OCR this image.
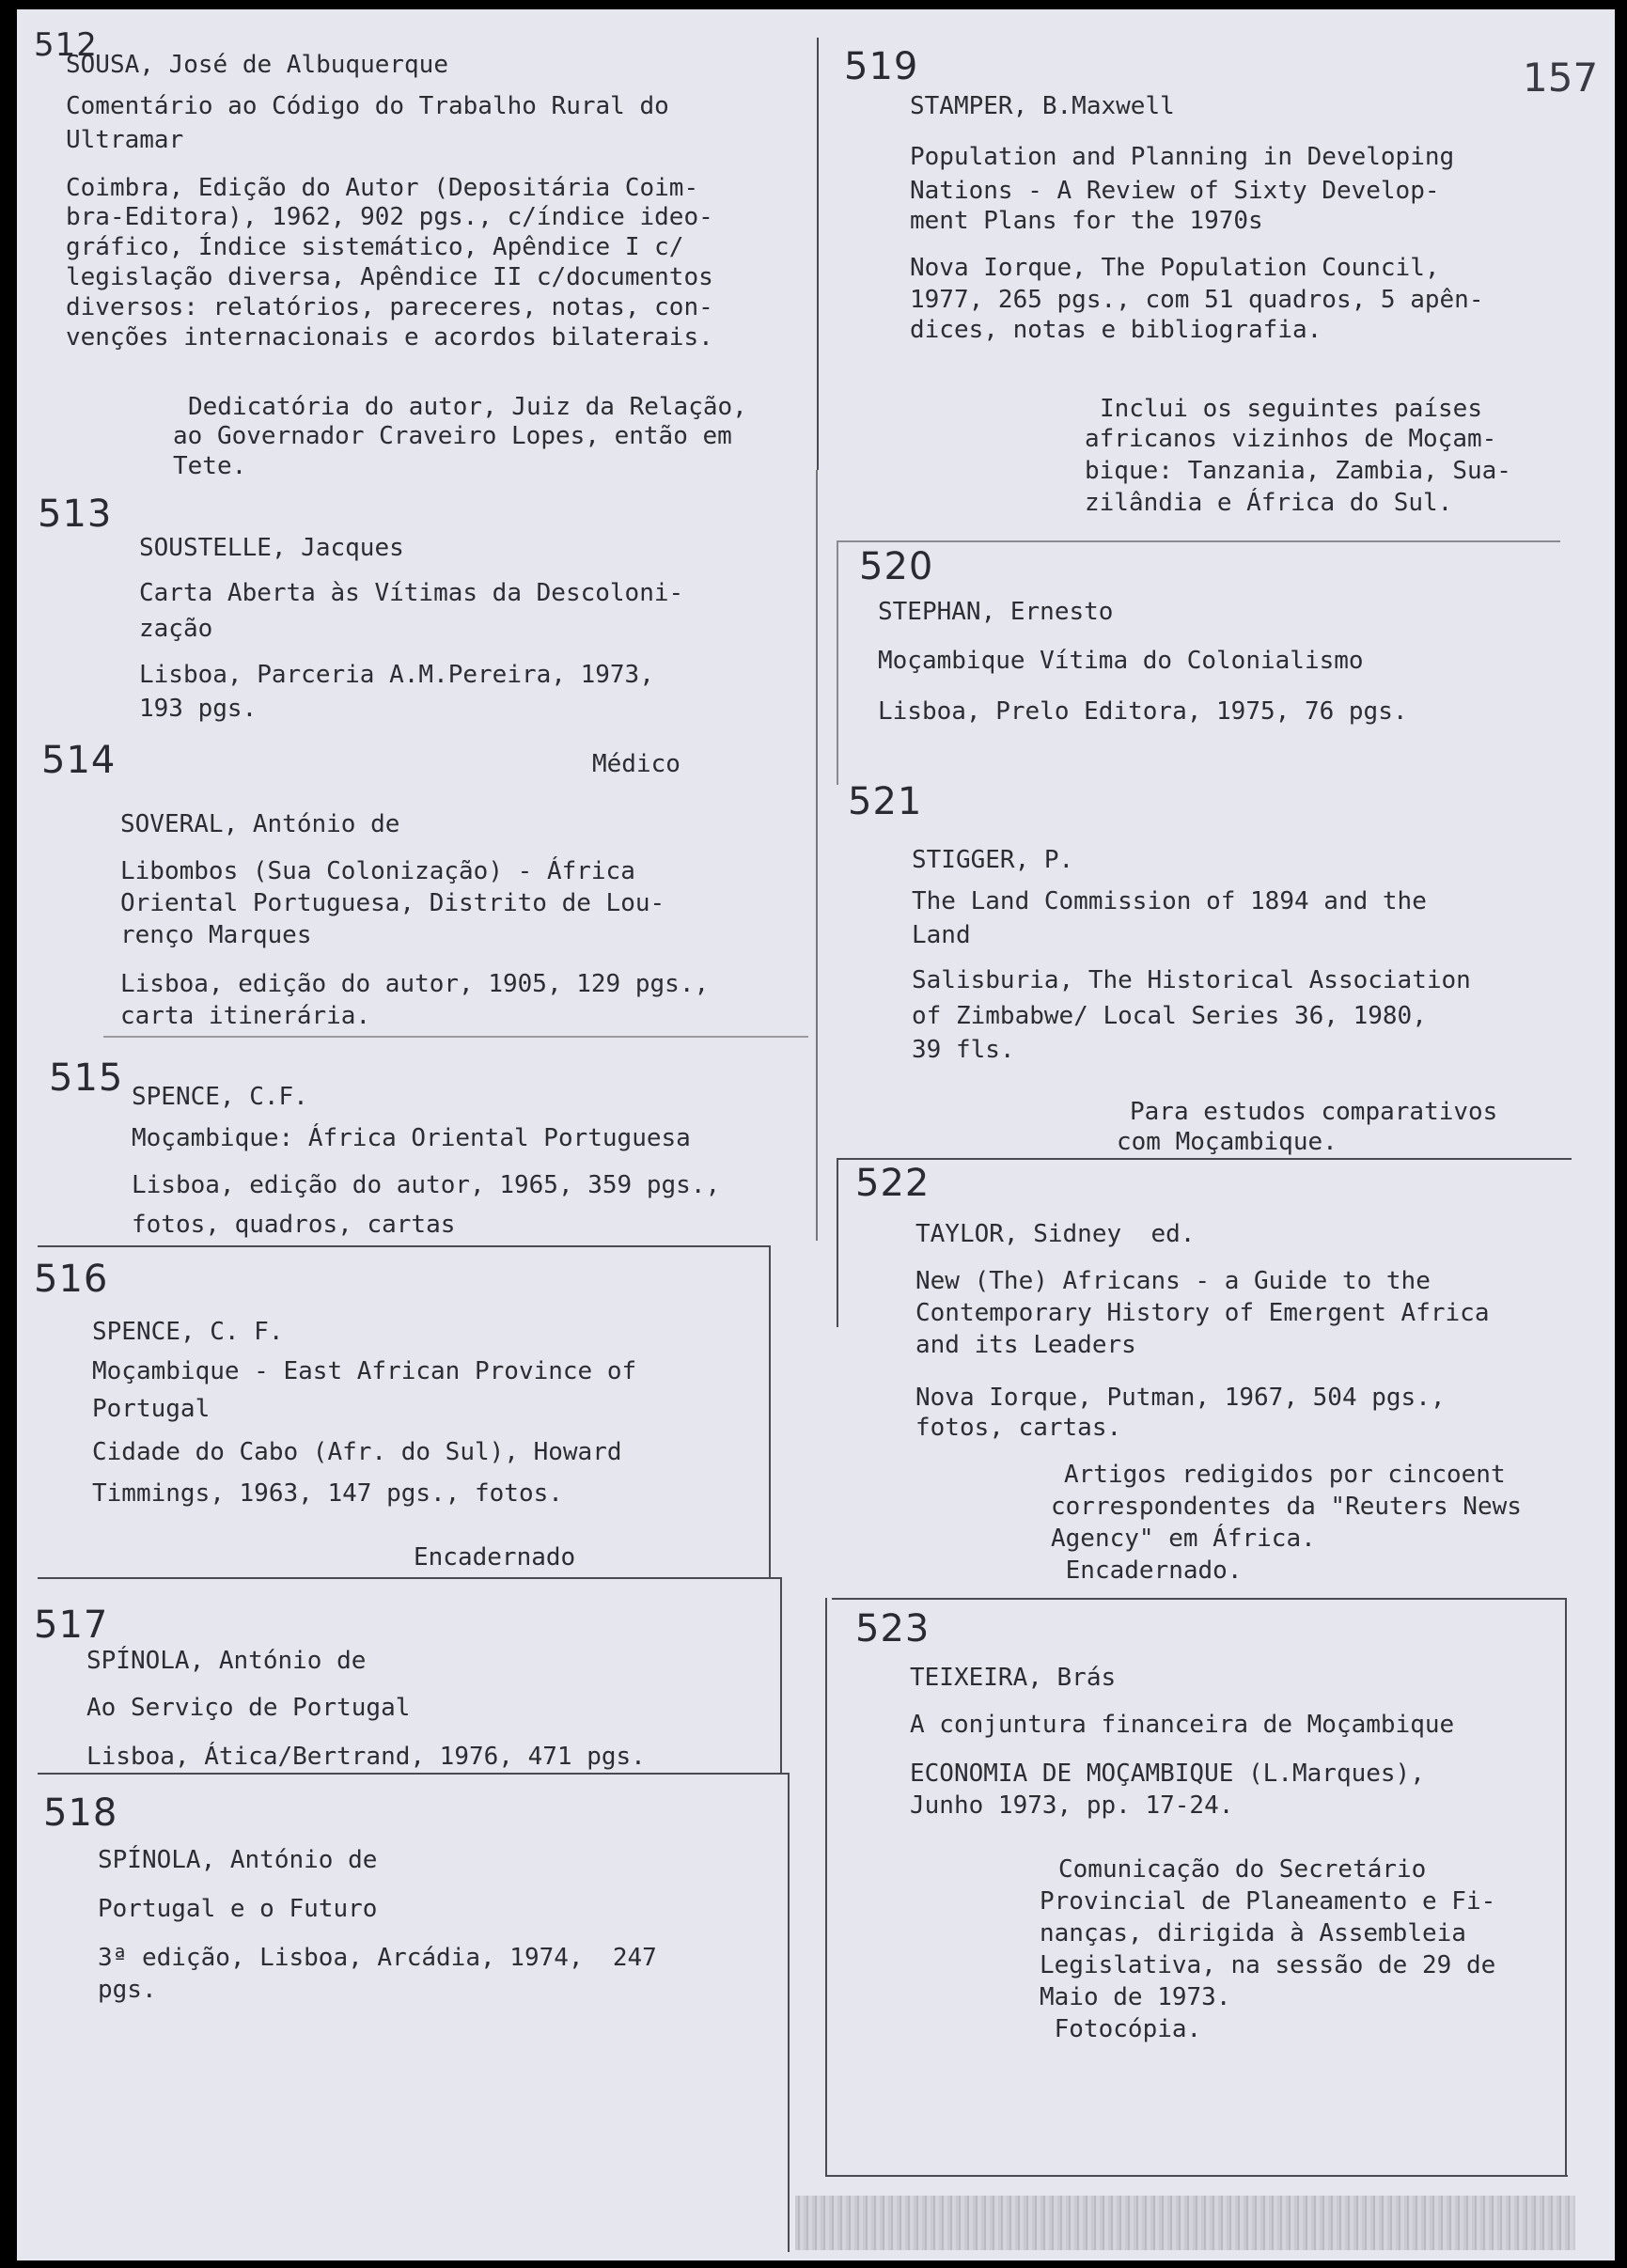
157
512
SOUSA, José de Albuquerque
Comentário ao Código do Trabalho Rural do
Ultramar
Coimbra, Edição do Autor (Depositária Coim-
bra-Editora), 1962, 902 pgs., c/índice ideo-
gráfico, Índice sistemático, Apêndice I c/
legislação diversa, Apêndice II c/documentos
diversos: relatórios, pareceres, notas, con-
venções internacionais e acordos bilaterais.
Dedicatória do autor, Juiz da Relação,
ao Governador Craveiro Lopes, então em
Tete.
513
SOUSTELLE, Jacques
Carta Aberta às Vítimas da Descoloni-
zação
Lisboa, Parceria A.M.Pereira, 1973,
193 pgs.
Médico
514
SOVERAL, António de
Libombos (Sua Colonização) - África
Oriental Portuguesa, Distrito de Lou-
renço Marques
Lisboa, edição do autor, 1905, 129 pgs.,
carta itinerária.
515 SPENCE, C.F.
Moçambique: África Oriental Portuguesa
Lisboa, edição do autor, 1965, 359 pgs.,
fotos, quadros, cartas
516
SPENCE, C. F.
Moçambique - East African Province of
Portugal
Cidade do Cabo (Afr. do Sul), Howard
Timmings, 1963, 147 pgs., fotos.
Encadernado
517
SPÍNOLA, António de
Ao Serviço de Portugal
Lisboa, Ática/Bertrand, 1976, 471 pgs.
518
SPÍNOLA, António de
Portugal e o Futuro
3ª edição, Lisboa, Arcádia, 1974,  247
pgs.
519
STAMPER, B.Maxwell
Population and Planning in Developing
Nations - A Review of Sixty Develop-
ment Plans for the 1970s
Nova Iorque, The Population Council,
1977, 265 pgs., com 51 quadros, 5 apên-
dices, notas e bibliografia.
Inclui os seguintes países
africanos vizinhos de Moçam-
bique: Tanzania, Zambia, Sua-
zilândia e África do Sul.
520
STEPHAN, Ernesto
Moçambique Vítima do Colonialismo
Lisboa, Prelo Editora, 1975, 76 pgs.
521
STIGGER, P.
The Land Commission of 1894 and the
Land
Salisburia, The Historical Association
of Zimbabwe/ Local Series 36, 1980,
39 fls.
Para estudos comparativos
com Moçambique.
522
TAYLOR, Sidney  ed.
New (The) Africans - a Guide to the
Contemporary History of Emergent Africa
and its Leaders
Nova Iorque, Putman, 1967, 504 pgs.,
fotos, cartas.
Artigos redigidos por cincoent
correspondentes da "Reuters News
Agency" em África.
Encadernado.
523
TEIXEIRA, Brás
A conjuntura financeira de Moçambique
ECONOMIA DE MOÇAMBIQUE (L.Marques),
Junho 1973, pp. 17-24.
Comunicação do Secretário
Provincial de Planeamento e Fi-
nanças, dirigida à Assembleia
Legislativa, na sessão de 29 de
Maio de 1973.
Fotocópia.
